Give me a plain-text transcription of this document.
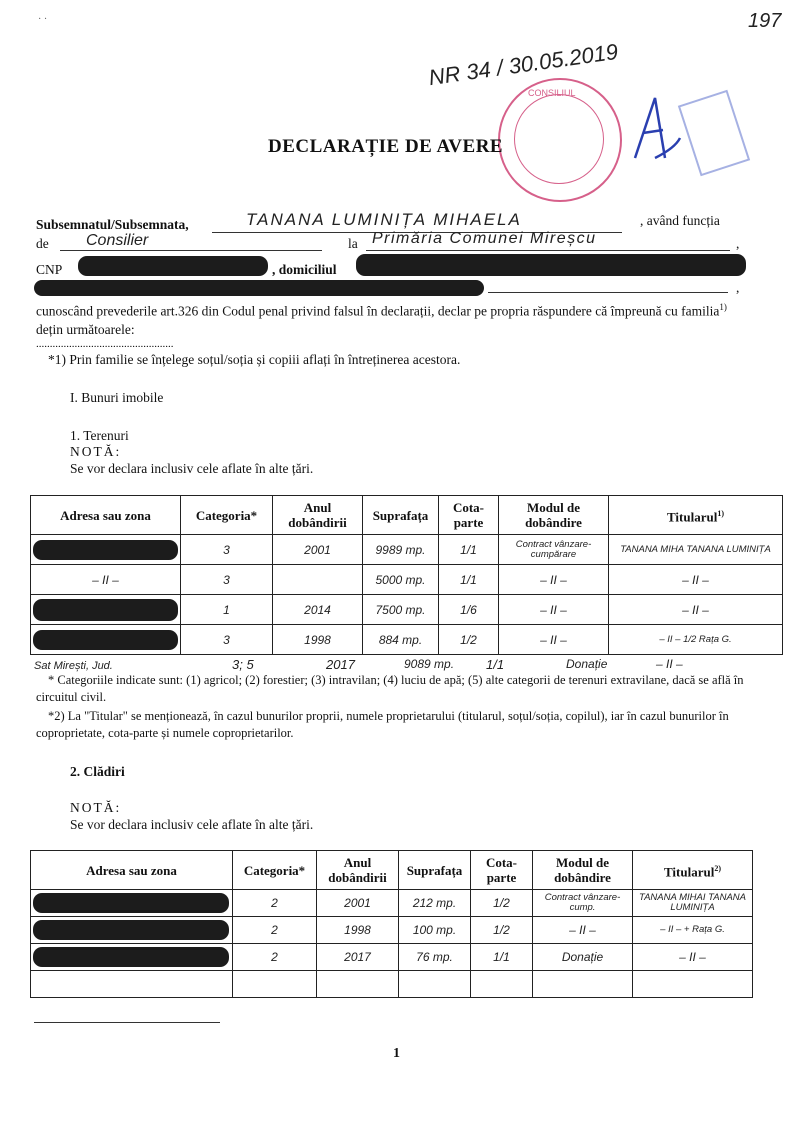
· ·	197
NR 34 / 30.05.2019
CONSILIUL
DECLARAȚIE DE AVERE
Subsemnatul/Subsemnata,	TANANA LUMINIȚA MIHAELA	, având funcția
de Consilier	la Primăria Comunei Mireșcu	,
CNP	, domiciliul
,
cunoscând prevederile art.326 din Codul penal privind falsul în declarații, declar pe propria răspundere că împreună cu familia$^{1)}$ dețin următoarele:
..................................................
*1) Prin familie se înțelege soțul/soția și copiii aflați în întreținerea acestora.
I. Bunuri imobile
1. Terenuri
NOTĂ:
Se vor declara inclusiv cele aflate în alte țări.
Adresa sau zona	Categoria*	Anul dobândirii	Suprafața	Cota-parte	Modul de dobândire	Titularul$^{1)}$

	3	2001	9989 mp.	1/1	Contract vânzare-cumpărare	TANANA MIHA TANANA LUMINIȚA
– II –	3		5000 mp.	1/1	– II –	– II –

	1	2014	7500 mp.	1/6	– II –	– II –

	3	1998	884 mp.	1/2	– II –	– II – 1/2 Rața G.
Sat Mirești, Jud.	3; 5	2017	9089 mp. 1/1	Donație	– II –
* Categoriile indicate sunt: (1) agricol; (2) forestier; (3) intravilan; (4) luciu de apă; (5) alte categorii de terenuri extravilane, dacă se află în circuitul civil.
*2) La "Titular" se menționează, în cazul bunurilor proprii, numele proprietarului (titularul, soțul/soția, copilul), iar în cazul bunurilor în coproprietate, cota-parte și numele coproprietarilor.
2. Clădiri
NOTĂ:
Se vor declara inclusiv cele aflate în alte țări.
Adresa sau zona	Categoria*	Anul dobândirii	Suprafața	Cota-parte	Modul de dobândire	Titularul$^{2)}$

	2	2001	212 mp.	1/2	Contract vânzare-cump.	TANANA MIHAI TANANA LUMINIȚA

	2	1998	100 mp.	1/2	– II –	– II – + Rața G.

	2	2017	76 mp.	1/1	Donație	– II –

1
